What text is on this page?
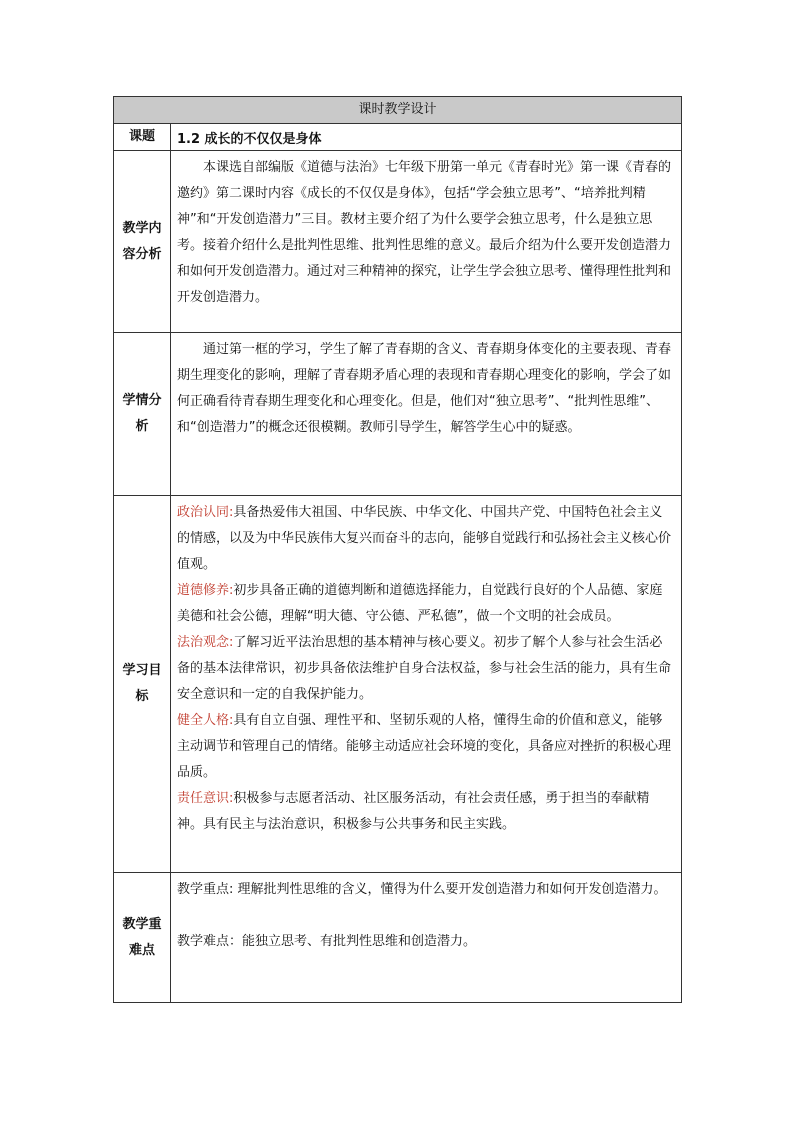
课时教学设计	
课题	1.2 成长的不仅仅是身体
教学内容分析	本课选自部编版《道德与法治》七年级下册第一单元《青春时光》第一课《青春的邀约》第二课时内容《成长的不仅仅是身体》，包括“学会独立思考”、“培养批判精神”和“开发创造潜力”三目。教材主要介绍了为什么要学会独立思考，什么是独立思考。接着介绍什么是批判性思维、批判性思维的意义。最后介绍为什么要开发创造潜力和如何开发创造潜力。通过对三种精神的探究，让学生学会独立思考、懂得理性批判和开发创造潜力。

学情分析	通过第一框的学习，学生了解了青春期的含义、青春期身体变化的主要表现、青春期生理变化的影响，理解了青春期矛盾心理的表现和青春期心理变化的影响，学会了如何正确看待青春期生理变化和心理变化。但是，他们对“独立思考”、“批判性思维”、和“创造潜力”的概念还很模糊。教师引导学生，解答学生心中的疑惑。

学习目标	政治认同:具备热爱伟大祖国、中华民族、中华文化、中国共产党、中国特色社会主义的情感，以及为中华民族伟大复兴而奋斗的志向，能够自觉践行和弘扬社会主义核心价值观。
道德修养:初步具备正确的道德判断和道德选择能力，自觉践行良好的个人品德、家庭美德和社会公德，理解“明大德、守公德、严私德”，做一个文明的社会成员。
法治观念:了解习近平法治思想的基本精神与核心要义。初步了解个人参与社会生活必备的基本法律常识，初步具备依法维护自身合法权益，参与社会生活的能力，具有生命安全意识和一定的自我保护能力。
健全人格:具有自立自强、理性平和、坚韧乐观的人格，懂得生命的价值和意义，能够主动调节和管理自己的情绪。能够主动适应社会环境的变化，具备应对挫折的积极心理品质。
责任意识:积极参与志愿者活动、社区服务活动，有社会责任感，勇于担当的奉献精神。具有民主与法治意识，积极参与公共事务和民主实践。

教学重难点	教学重点: 理解批判性思维的含义，懂得为什么要开发创造潜力和如何开发创造潜力。
教学难点：能独立思考、有批判性思维和创造潜力。
